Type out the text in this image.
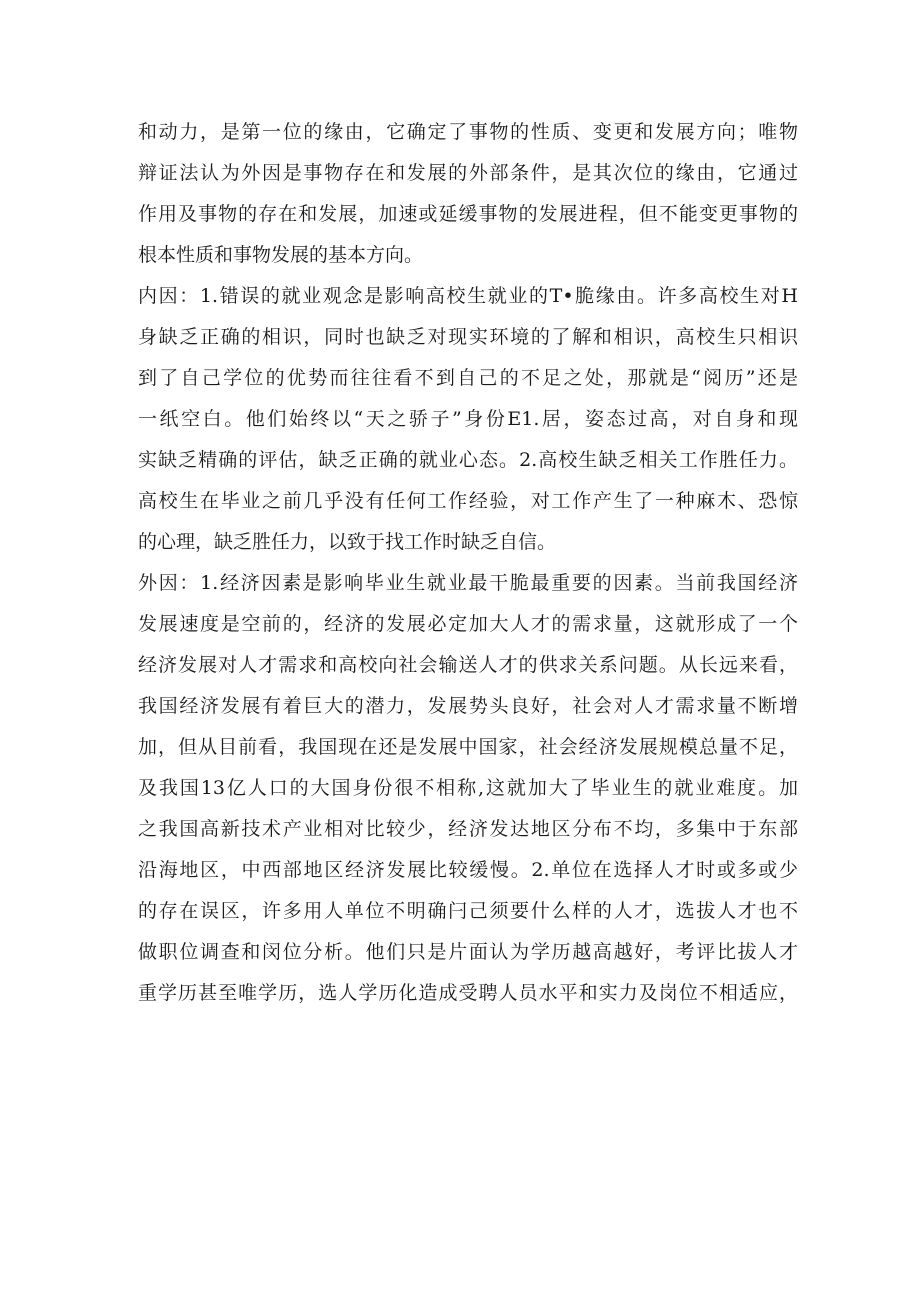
和动力，是第一位的缘由，它确定了事物的性质、变更和发展方向；唯物
辩证法认为外因是事物存在和发展的外部条件，是其次位的缘由，它通过
作用及事物的存在和发展，加速或延缓事物的发展进程，但不能变更事物的
根本性质和事物发展的基本方向。
内因：1.错误的就业观念是影响高校生就业的T•脆缘由。许多高校生对H
身缺乏正确的相识，同时也缺乏对现实环境的了解和相识，高校生只相识
到了自己学位的优势而往往看不到自己的不足之处，那就是“阅历”还是
一纸空白。他们始终以“天之骄子”身份E1.居，姿态过高，对自身和现
实缺乏精确的评估，缺乏正确的就业心态。2.高校生缺乏相关工作胜任力。
高校生在毕业之前几乎没有任何工作经验，对工作产生了一种麻木、恐惊
的心理，缺乏胜任力，以致于找工作时缺乏自信。
外因：1.经济因素是影响毕业生就业最干脆最重要的因素。当前我国经济
发展速度是空前的，经济的发展必定加大人才的需求量，这就形成了一个
经济发展对人才需求和高校向社会输送人才的供求关系问题。从长远来看，
我国经济发展有着巨大的潜力，发展势头良好，社会对人才需求量不断增
加，但从目前看，我国现在还是发展中国家，社会经济发展规模总量不足，
及我国13亿人口的大国身份很不相称,这就加大了毕业生的就业难度。加
之我国高新技术产业相对比较少，经济发达地区分布不均，多集中于东部
沿海地区，中西部地区经济发展比较缓慢。2.单位在选择人才时或多或少
的存在误区，许多用人单位不明确闩己须要什么样的人才，选拔人才也不
做职位调查和闵位分析。他们只是片面认为学历越高越好，考评比拔人才
重学历甚至唯学历，选人学历化造成受聘人员水平和实力及岗位不相适应，
